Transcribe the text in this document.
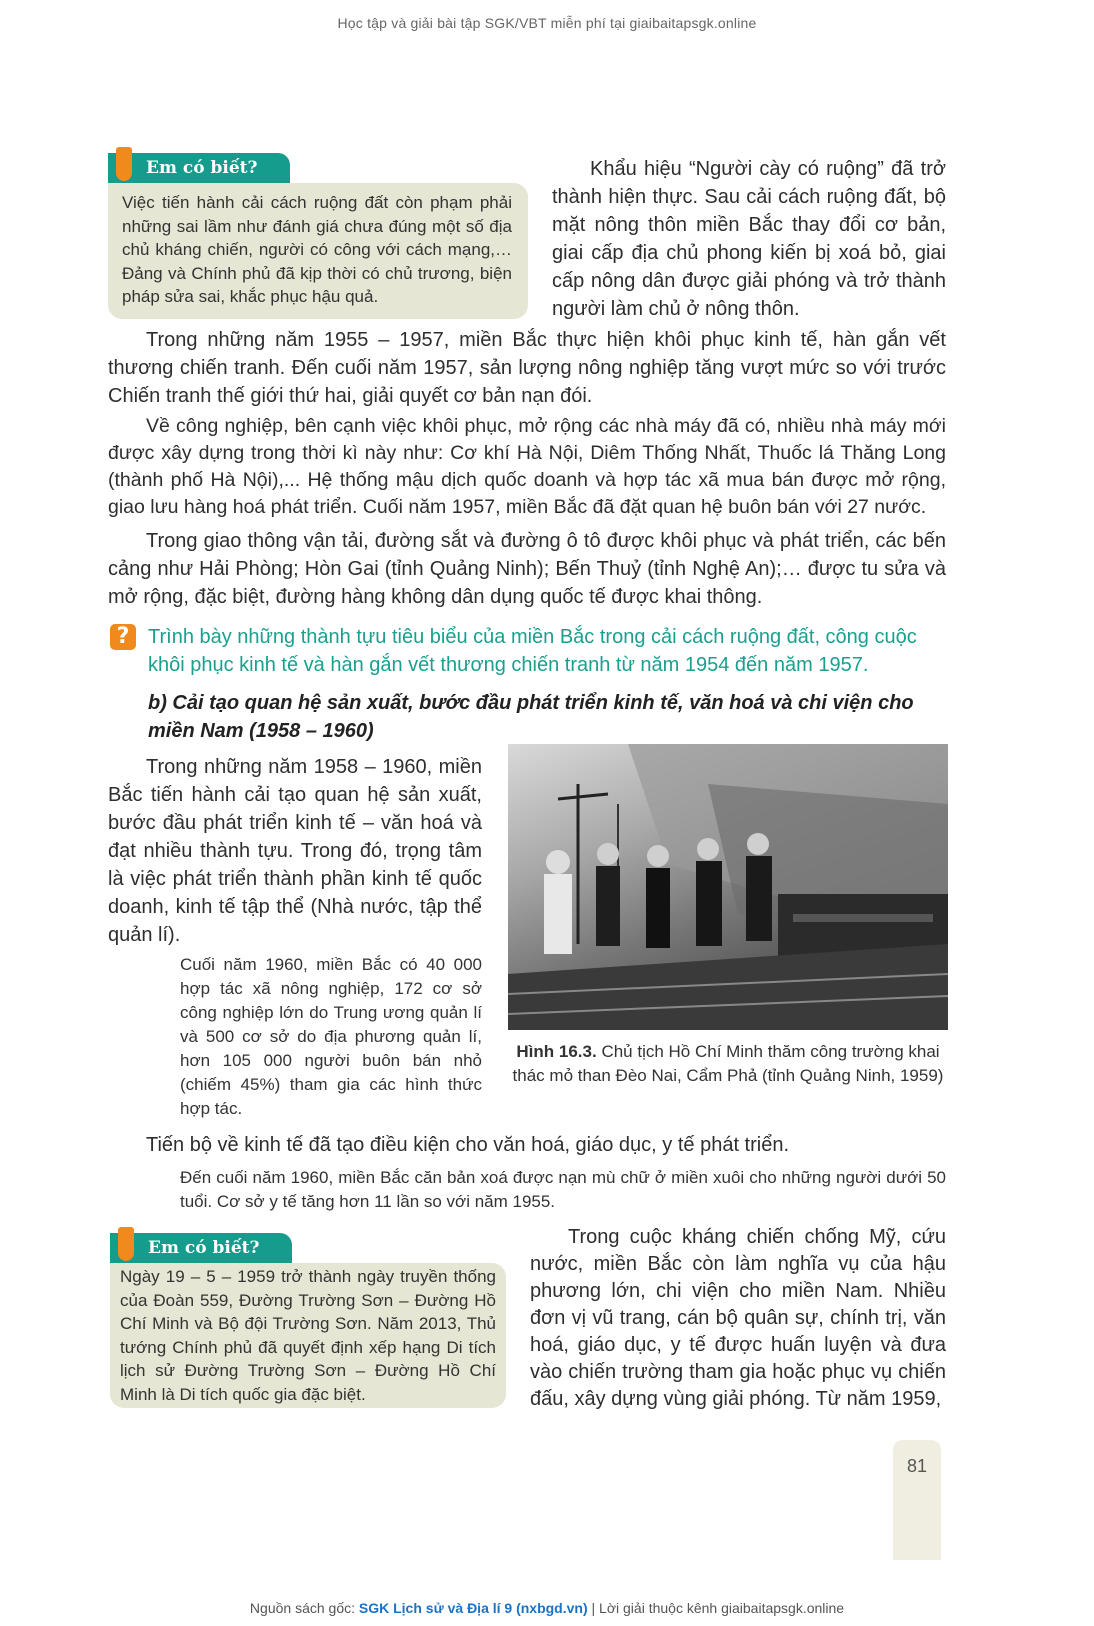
Học tập và giải bài tập SGK/VBT miễn phí tại giaibaitapsgk.online
Em có biết?
Việc tiến hành cải cách ruộng đất còn phạm phải những sai lầm như đánh giá chưa đúng một số địa chủ kháng chiến, người có công với cách mạng,… Đảng và Chính phủ đã kịp thời có chủ trương, biện pháp sửa sai, khắc phục hậu quả.

Khẩu hiệu “Người cày có ruộng” đã trở thành hiện thực. Sau cải cách ruộng đất, bộ mặt nông thôn miền Bắc thay đổi cơ bản, giai cấp địa chủ phong kiến bị xoá bỏ, giai cấp nông dân được giải phóng và trở thành người làm chủ ở nông thôn.

Trong những năm 1955 – 1957, miền Bắc thực hiện khôi phục kinh tế, hàn gắn vết thương chiến tranh. Đến cuối năm 1957, sản lượng nông nghiệp tăng vượt mức so với trước Chiến tranh thế giới thứ hai, giải quyết cơ bản nạn đói.

Về công nghiệp, bên cạnh việc khôi phục, mở rộng các nhà máy đã có, nhiều nhà máy mới được xây dựng trong thời kì này như: Cơ khí Hà Nội, Diêm Thống Nhất, Thuốc lá Thăng Long (thành phố Hà Nội),... Hệ thống mậu dịch quốc doanh và hợp tác xã mua bán được mở rộng, giao lưu hàng hoá phát triển. Cuối năm 1957, miền Bắc đã đặt quan hệ buôn bán với 27 nước.

Trong giao thông vận tải, đường sắt và đường ô tô được khôi phục và phát triển, các bến cảng như Hải Phòng; Hòn Gai (tỉnh Quảng Ninh); Bến Thuỷ (tỉnh Nghệ An);… được tu sửa và mở rộng, đặc biệt, đường hàng không dân dụng quốc tế được khai thông.

? Trình bày những thành tựu tiêu biểu của miền Bắc trong cải cách ruộng đất, công cuộc khôi phục kinh tế và hàn gắn vết thương chiến tranh từ năm 1954 đến năm 1957.

b) Cải tạo quan hệ sản xuất, bước đầu phát triển kinh tế, văn hoá và chi viện cho miền Nam (1958 – 1960)

Trong những năm 1958 – 1960, miền Bắc tiến hành cải tạo quan hệ sản xuất, bước đầu phát triển kinh tế – văn hoá và đạt nhiều thành tựu. Trong đó, trọng tâm là việc phát triển thành phần kinh tế quốc doanh, kinh tế tập thể (Nhà nước, tập thể quản lí).

Cuối năm 1960, miền Bắc có 40 000 hợp tác xã nông nghiệp, 172 cơ sở công nghiệp lớn do Trung ương quản lí và 500 cơ sở do địa phương quản lí, hơn 105 000 người buôn bán nhỏ (chiếm 45%) tham gia các hình thức hợp tác.

Hình 16.3. Chủ tịch Hồ Chí Minh thăm công trường khai thác mỏ than Đèo Nai, Cẩm Phả (tỉnh Quảng Ninh, 1959)

Tiến bộ về kinh tế đã tạo điều kiện cho văn hoá, giáo dục, y tế phát triển.

Đến cuối năm 1960, miền Bắc căn bản xoá được nạn mù chữ ở miền xuôi cho những người dưới 50 tuổi. Cơ sở y tế tăng hơn 11 lần so với năm 1955.

Em có biết?
Ngày 19 – 5 – 1959 trở thành ngày truyền thống của Đoàn 559, Đường Trường Sơn – Đường Hồ Chí Minh và Bộ đội Trường Sơn. Năm 2013, Thủ tướng Chính phủ đã quyết định xếp hạng Di tích lịch sử Đường Trường Sơn – Đường Hồ Chí Minh là Di tích quốc gia đặc biệt.

Trong cuộc kháng chiến chống Mỹ, cứu nước, miền Bắc còn làm nghĩa vụ của hậu phương lớn, chi viện cho miền Nam. Nhiều đơn vị vũ trang, cán bộ quân sự, chính trị, văn hoá, giáo dục, y tế được huấn luyện và đưa vào chiến trường tham gia hoặc phục vụ chiến đấu, xây dựng vùng giải phóng. Từ năm 1959,

81
Nguồn sách gốc: SGK Lịch sử và Địa lí 9 (nxbgd.vn) | Lời giải thuộc kênh giaibaitapsgk.online
